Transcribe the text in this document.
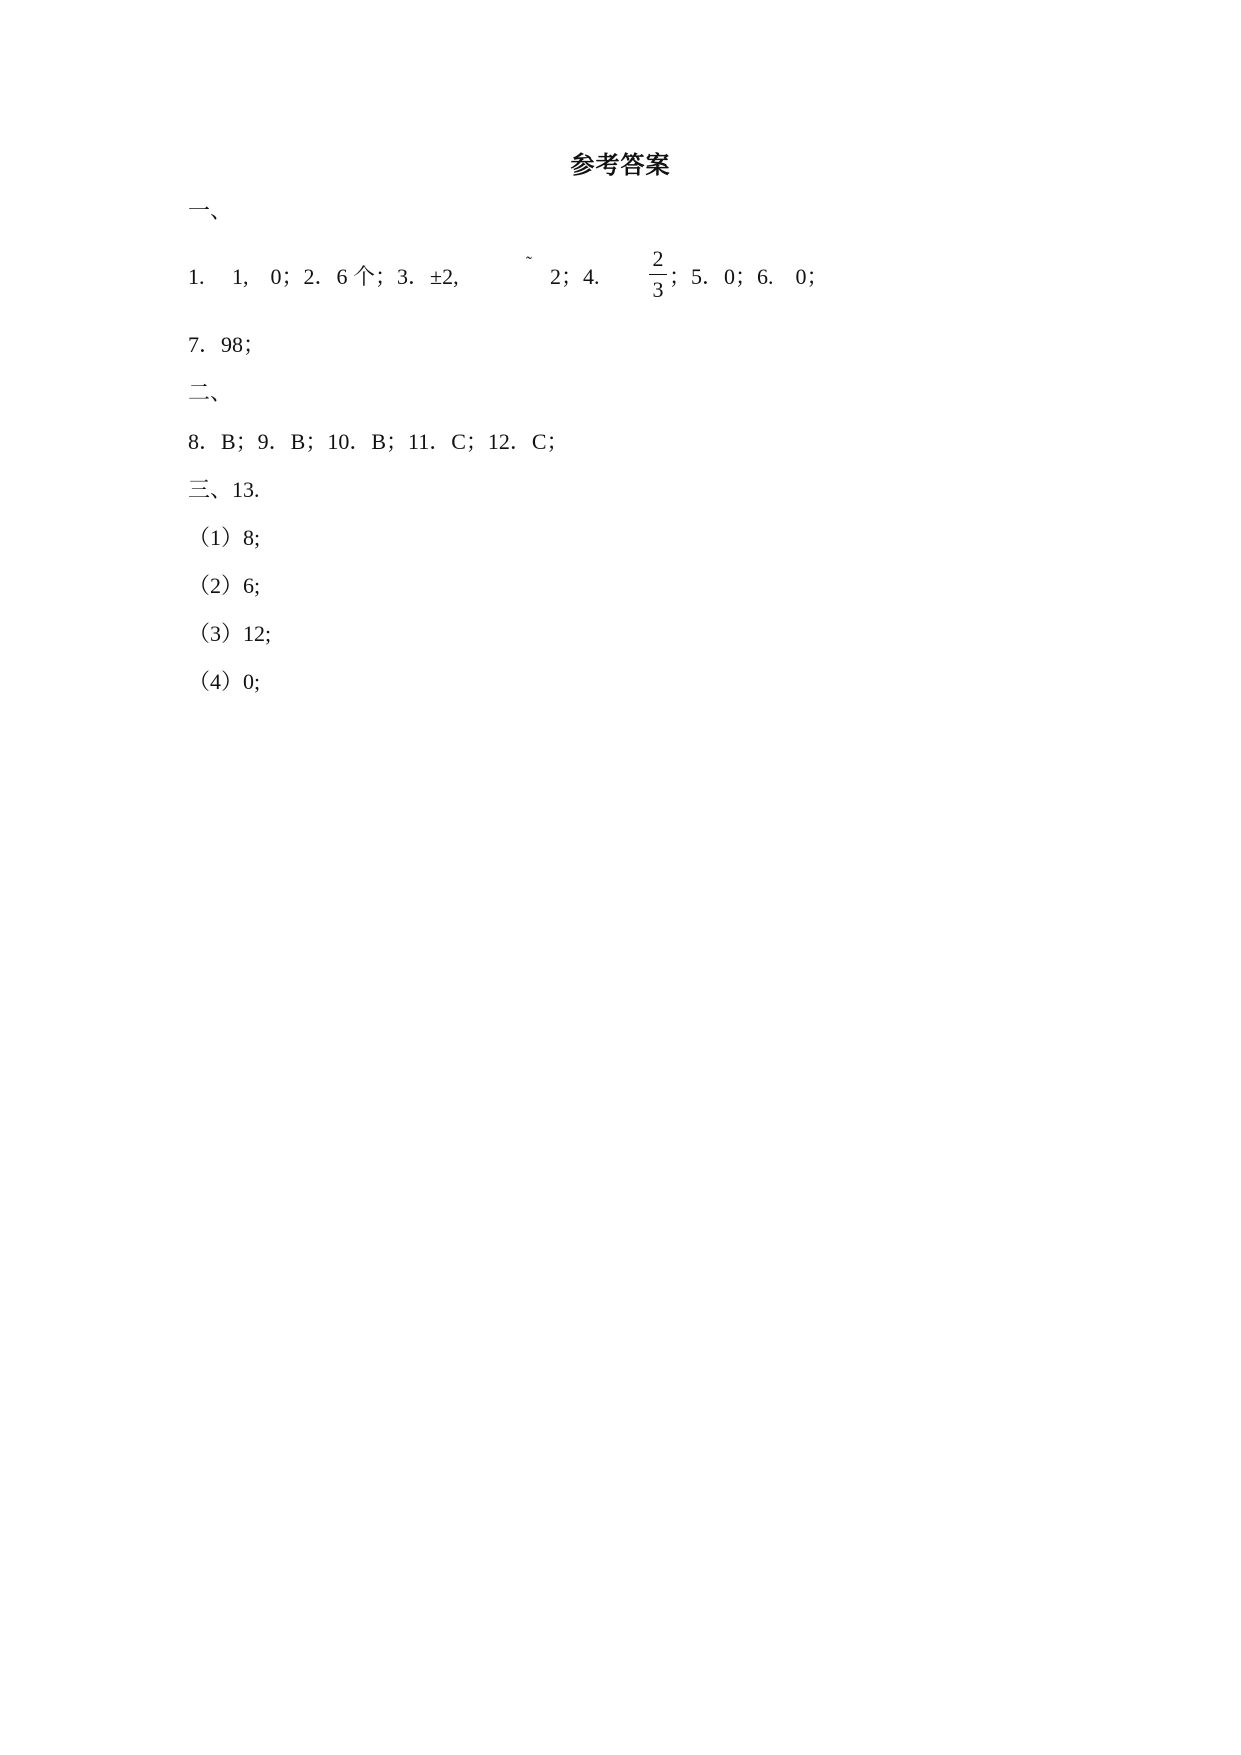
参考答案
一、
1.　 1,　0；2．6 个；3．±2,
˜
2；4.
2
3
；5．0；6.　0；
7．98；
二、
8．B；9．B；10．B；11．C；12．C；
三、13.
（1）8;
（2）6;
（3）12;
（4）0;
